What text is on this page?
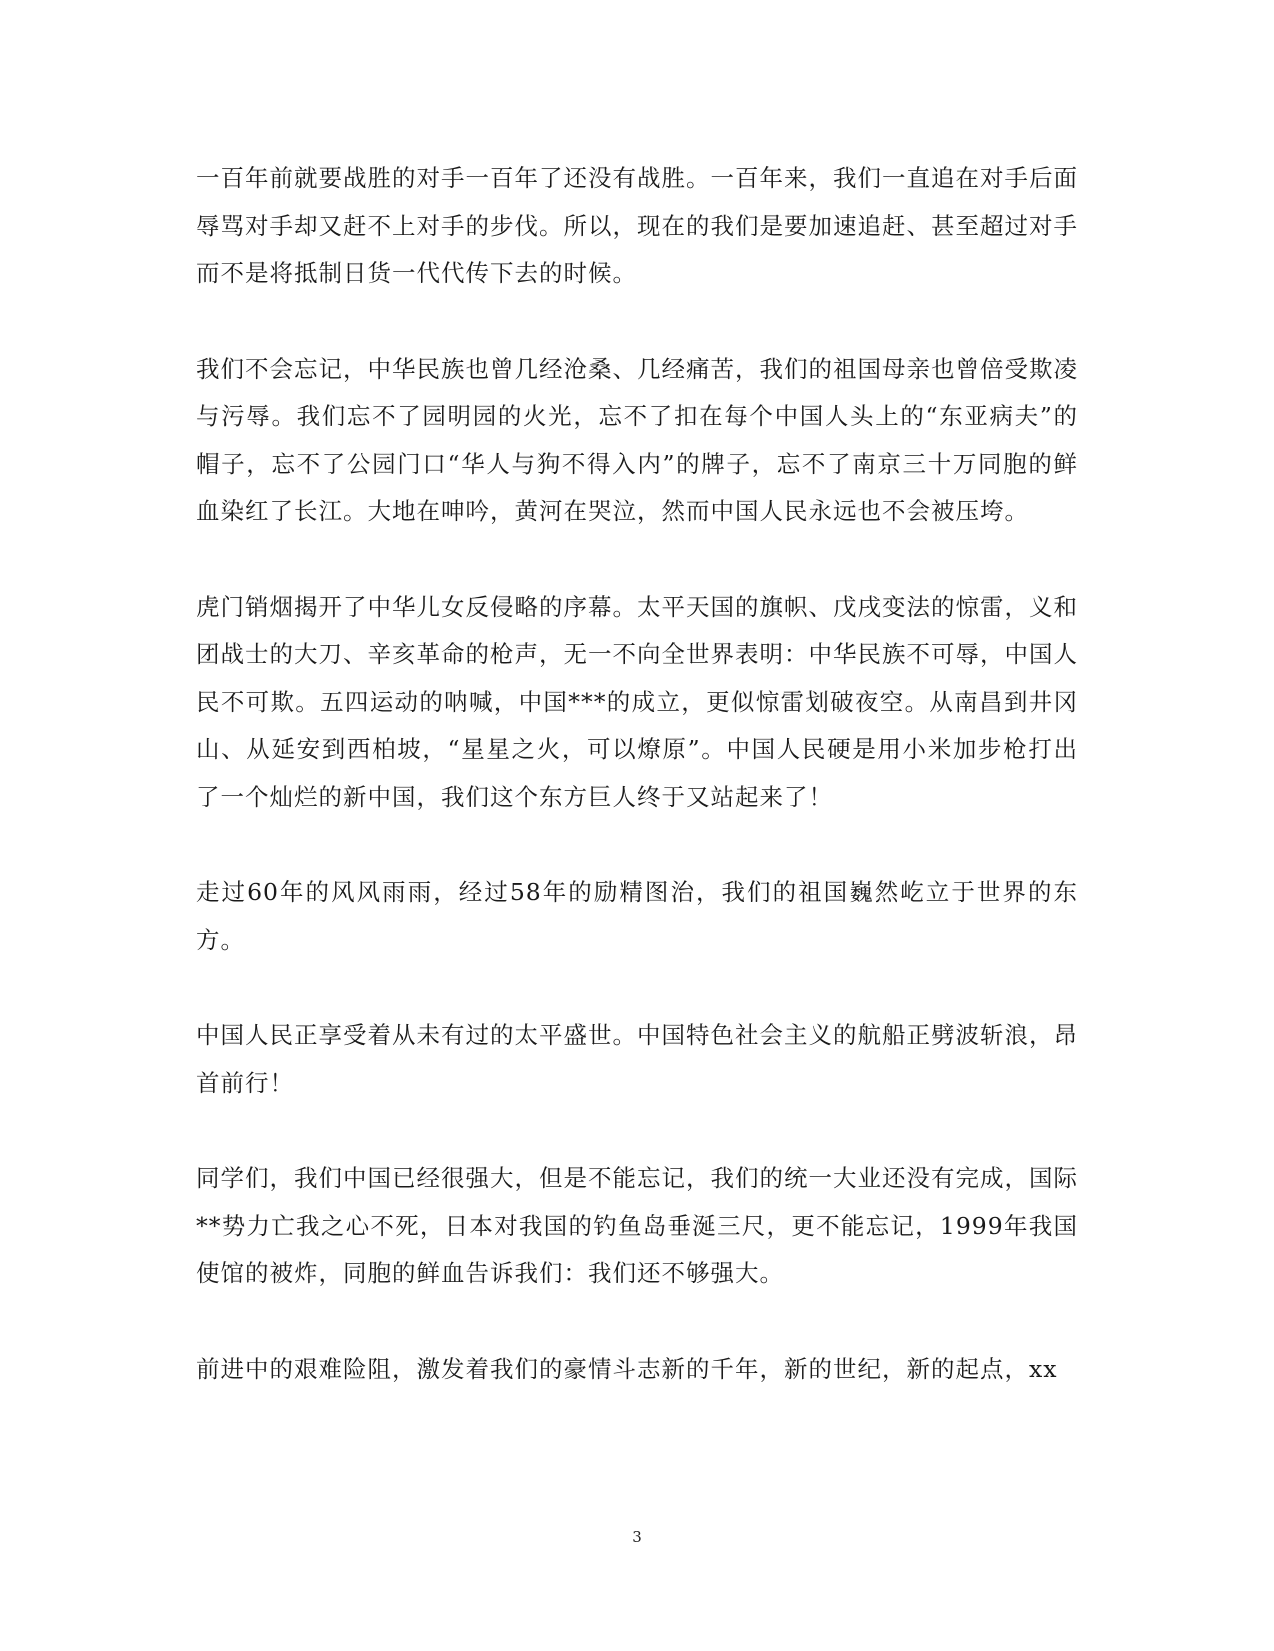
一百年前就要战胜的对手一百年了还没有战胜。一百年来，我们一直追在对手后面辱骂对手却又赶不上对手的步伐。所以，现在的我们是要加速追赶、甚至超过对手而不是将抵制日货一代代传下去的时候。

我们不会忘记，中华民族也曾几经沧桑、几经痛苦，我们的祖国母亲也曾倍受欺凌与污辱。我们忘不了园明园的火光，忘不了扣在每个中国人头上的“东亚病夫”的帽子，忘不了公园门口“华人与狗不得入内”的牌子，忘不了南京三十万同胞的鲜血染红了长江。大地在呻吟，黄河在哭泣，然而中国人民永远也不会被压垮。

虎门销烟揭开了中华儿女反侵略的序幕。太平天国的旗帜、戊戌变法的惊雷，义和团战士的大刀、辛亥革命的枪声，无一不向全世界表明：中华民族不可辱，中国人民不可欺。五四运动的呐喊，中国***的成立，更似惊雷划破夜空。从南昌到井冈山、从延安到西柏坡，“星星之火，可以燎原”。中国人民硬是用小米加步枪打出了一个灿烂的新中国，我们这个东方巨人终于又站起来了！

走过60年的风风雨雨，经过58年的励精图治，我们的祖国巍然屹立于世界的东方。

中国人民正享受着从未有过的太平盛世。中国特色社会主义的航船正劈波斩浪，昂首前行！

同学们，我们中国已经很强大，但是不能忘记，我们的统一大业还没有完成，国际**势力亡我之心不死，日本对我国的钓鱼岛垂涎三尺，更不能忘记，1999年我国使馆的被炸，同胞的鲜血告诉我们：我们还不够强大。

前进中的艰难险阻，激发着我们的豪情斗志新的千年，新的世纪，新的起点，xx

3
